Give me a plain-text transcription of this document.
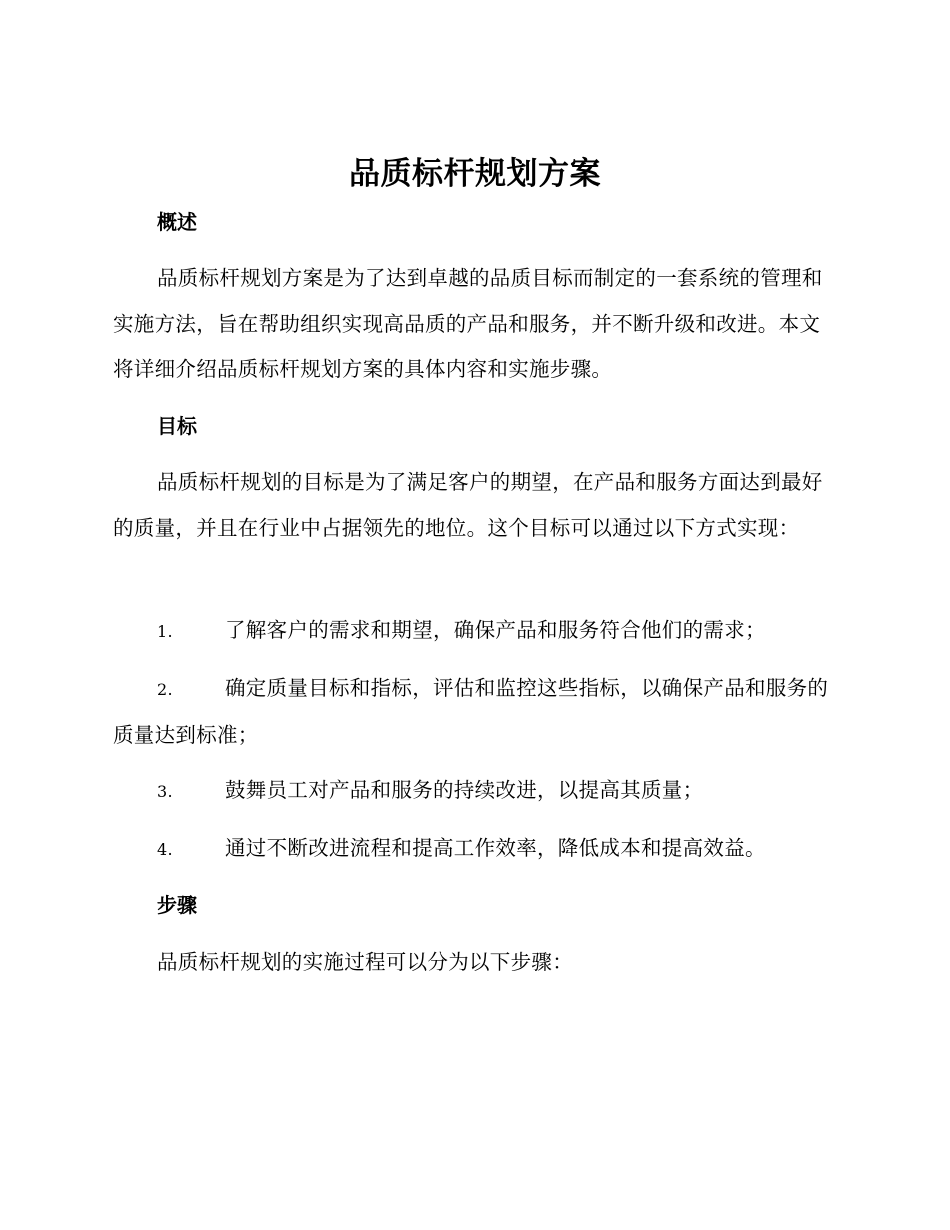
品质标杆规划方案
概述
品质标杆规划方案是为了达到卓越的品质目标而制定的一套系统的管理和实施方法，旨在帮助组织实现高品质的产品和服务，并不断升级和改进。本文将详细介绍品质标杆规划方案的具体内容和实施步骤。
目标
品质标杆规划的目标是为了满足客户的期望，在产品和服务方面达到最好的质量，并且在行业中占据领先的地位。这个目标可以通过以下方式实现：
1.	了解客户的需求和期望，确保产品和服务符合他们的需求；
2.	确定质量目标和指标，评估和监控这些指标，以确保产品和服务的质量达到标准；
3.	鼓舞员工对产品和服务的持续改进，以提高其质量；
4.	通过不断改进流程和提高工作效率，降低成本和提高效益。
步骤
品质标杆规划的实施过程可以分为以下步骤：
